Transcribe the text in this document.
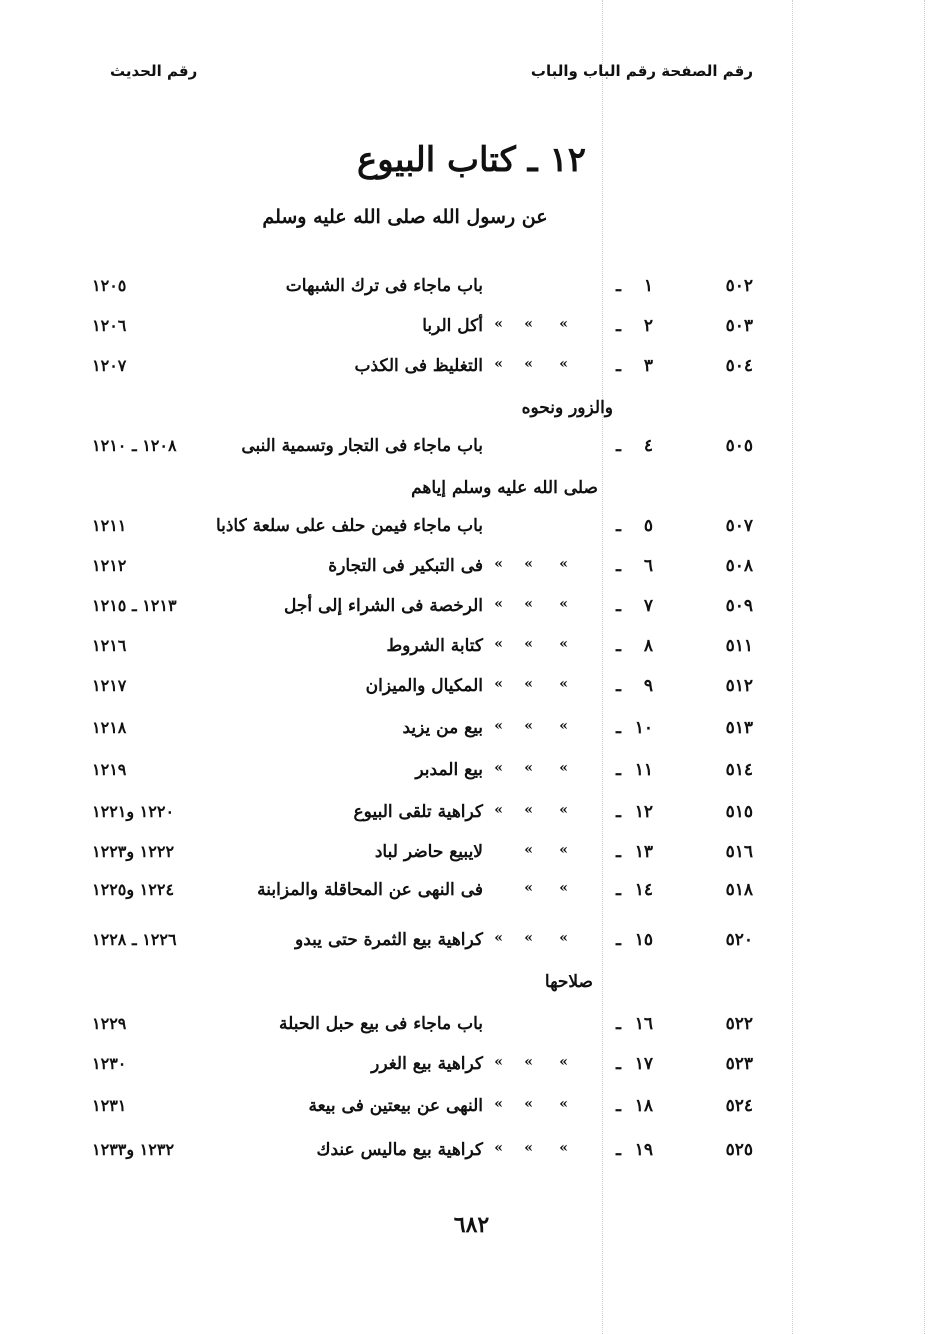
رقم الصفحة رقم الباب والباب
رقم الحديث
١٢ ـ كتاب البيوع
عن رسول الله صلى الله عليه وسلم
٥٠٢
١
ـ
باب ماجاء فى ترك الشبهات
١٢٠٥
٥٠٣
٢
ـ
»
»
»
أكل الربا
١٢٠٦
٥٠٤
٣
ـ
»
»
»
التغليظ فى الكذب
١٢٠٧
٥٠٥
٤
ـ
باب ماجاء فى التجار وتسمية النبى
١٢٠٨ ـ ١٢١٠
٥٠٧
٥
ـ
باب ماجاء فيمن حلف على سلعة كاذبا
١٢١١
٥٠٨
٦
ـ
»
»
»
فى التبكير فى التجارة
١٢١٢
٥٠٩
٧
ـ
»
»
»
الرخصة فى الشراء إلى أجل
١٢١٣ ـ ١٢١٥
٥١١
٨
ـ
»
»
»
كتابة الشروط
١٢١٦
٥١٢
٩
ـ
»
»
»
المكيال والميزان
١٢١٧
٥١٣
١٠
ـ
»
»
»
بيع من يزيد
١٢١٨
٥١٤
١١
ـ
»
»
»
بيع المدبر
١٢١٩
٥١٥
١٢
ـ
»
»
»
كراهية تلقى البيوع
١٢٢٠ و١٢٢١
٥١٦
١٣
ـ
»
»
لايبيع حاضر لباد
١٢٢٢ و١٢٢٣
٥١٨
١٤
ـ
»
»
فى النهى عن المحاقلة والمزابنة
١٢٢٤ و١٢٢٥
٥٢٠
١٥
ـ
»
»
»
كراهية بيع الثمرة حتى يبدو
١٢٢٦ ـ ١٢٢٨
٥٢٢
١٦
ـ
باب ماجاء فى بيع حبل الحبلة
١٢٢٩
٥٢٣
١٧
ـ
»
»
»
كراهية بيع الغرر
١٢٣٠
٥٢٤
١٨
ـ
»
»
»
النهى عن بيعتين فى بيعة
١٢٣١
٥٢٥
١٩
ـ
»
»
»
كراهية بيع ماليس عندك
١٢٣٢ و١٢٣٣
والزور ونحوه
صلى الله عليه وسلم إياهم
صلاحها
٦٨٢
